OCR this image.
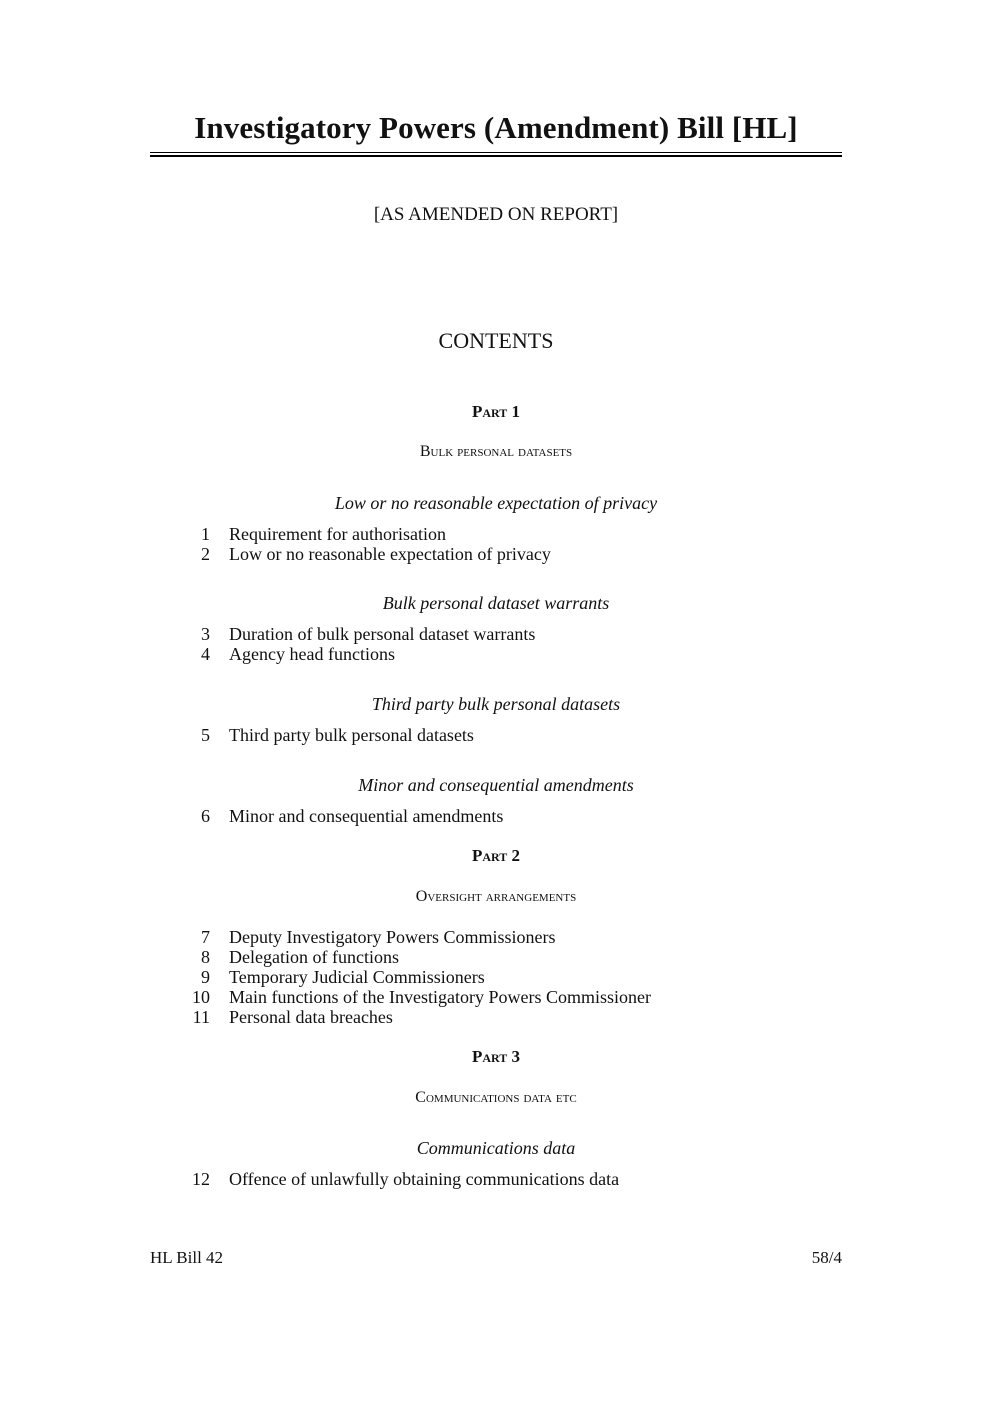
Investigatory Powers (Amendment) Bill [HL]
[AS AMENDED ON REPORT]
CONTENTS
Part 1
Bulk personal datasets
Low or no reasonable expectation of privacy
1 Requirement for authorisation
2 Low or no reasonable expectation of privacy
Bulk personal dataset warrants
3 Duration of bulk personal dataset warrants
4 Agency head functions
Third party bulk personal datasets
5 Third party bulk personal datasets
Minor and consequential amendments
6 Minor and consequential amendments
Part 2
Oversight arrangements
7 Deputy Investigatory Powers Commissioners
8 Delegation of functions
9 Temporary Judicial Commissioners
10 Main functions of the Investigatory Powers Commissioner
11 Personal data breaches
Part 3
Communications data etc
Communications data
12 Offence of unlawfully obtaining communications data
HL Bill 42	58/4
